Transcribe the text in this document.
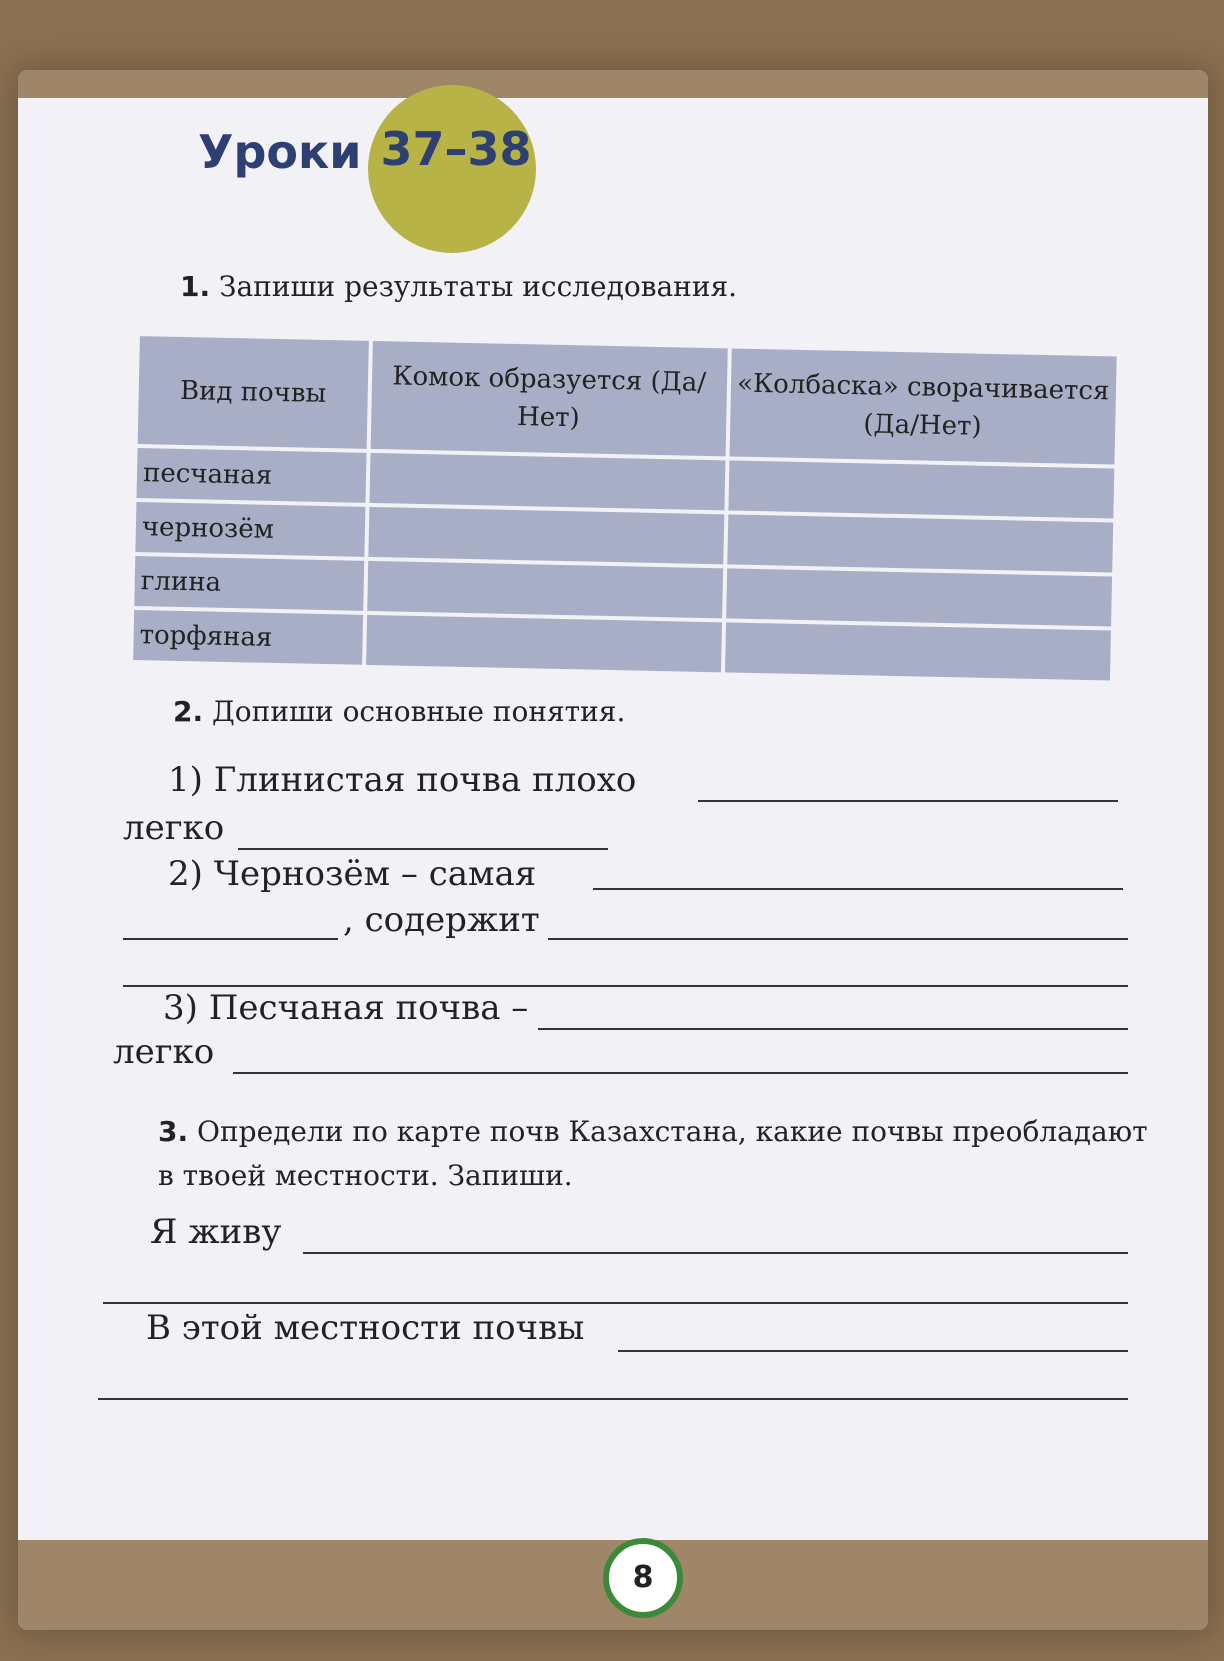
Уроки 37–38
1. Запиши результаты исследования.
Вид почвы	Комок образуется (Да/Нет)	«Колбаска» сворачивается (Да/Нет)
песчаная		
чернозём		
глина		
торфяная		
2. Допиши основные понятия.
1) Глинистая почва плохо
легко
2) Чернозём – самая
, содержит
3) Песчаная почва –
легко
3. Определи по карте почв Казахстана, какие почвы преобладают в твоей местности. Запиши.
Я живу
В этой местности почвы
8
